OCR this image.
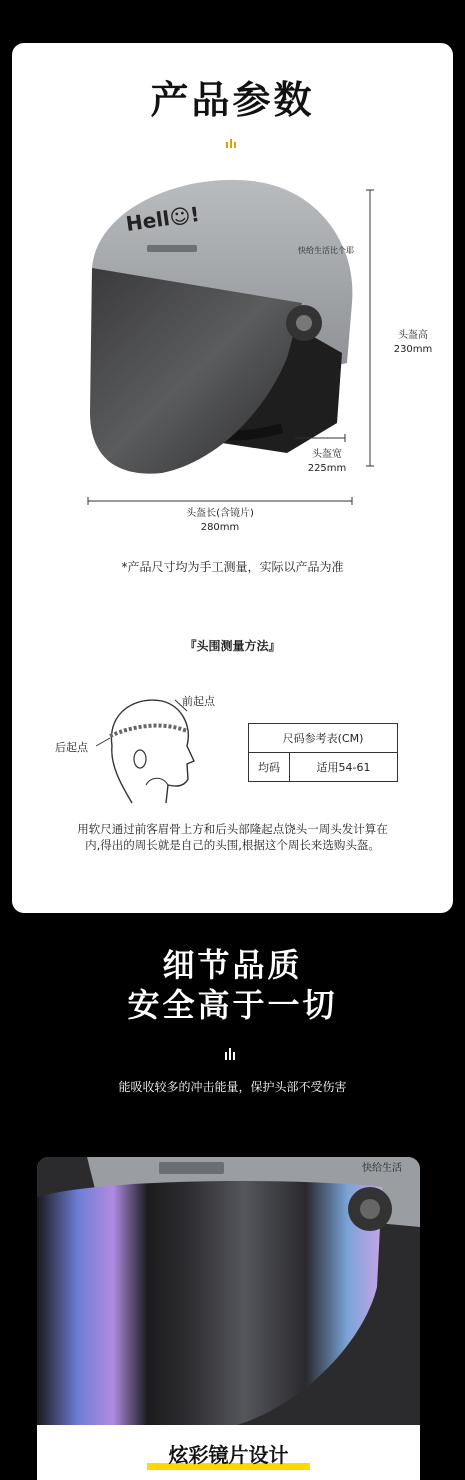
产品参数
Hell☺!
快给生活比个耶
头盔高
230mm
头盔宽
225mm
头盔长(含镜片)
280mm
*产品尺寸均为手工测量，实际以产品为准
『头围测量方法』
前起点
后起点
尺码参考表(CM)
均码	适用54-61
用软尺通过前客眉骨上方和后头部隆起点饶头一周头发计算在内,得出的周长就是自己的头围,根据这个周长来选购头盔。
细节品质
安全高于一切
能吸收较多的冲击能量，保护头部不受伤害
快给生活
炫彩镜片设计
